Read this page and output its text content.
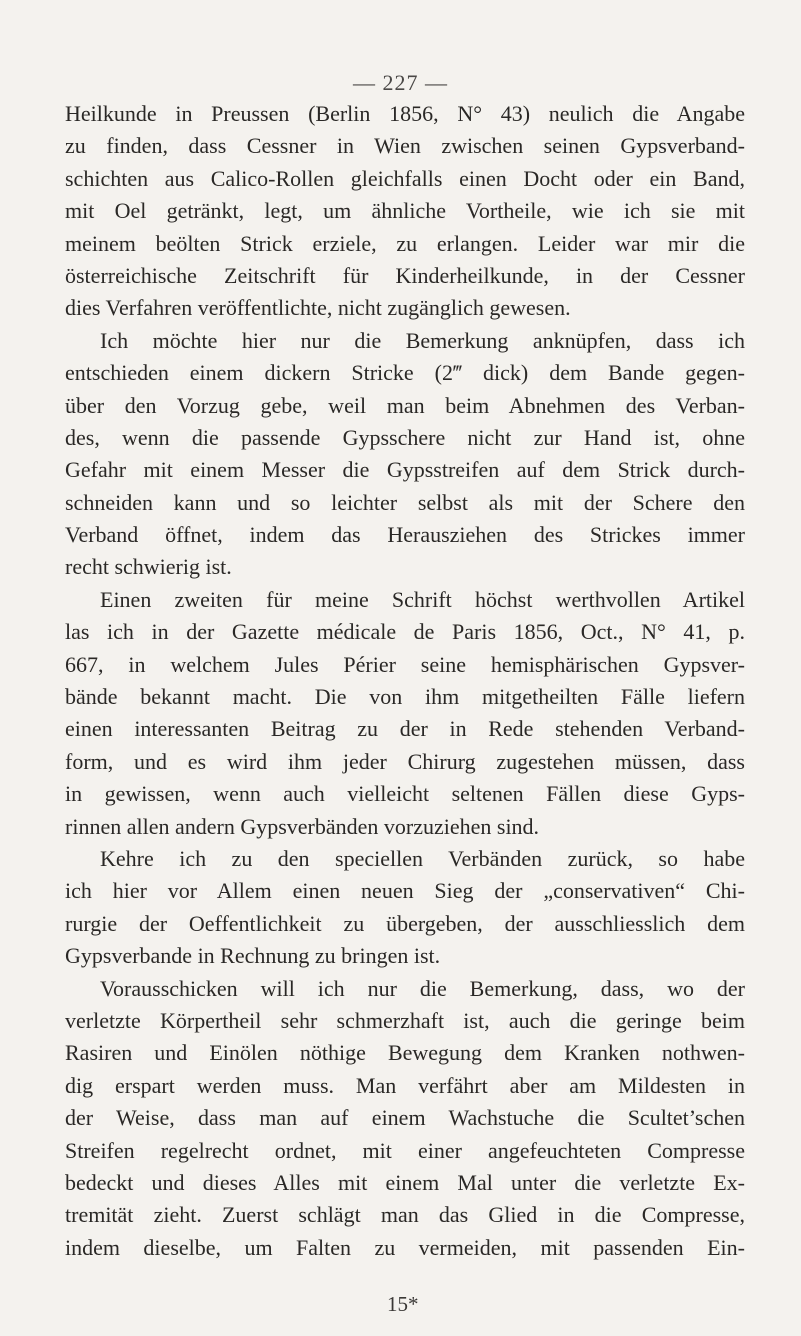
— 227 —
Heilkunde in Preussen (Berlin 1856, N° 43) neulich die Angabe
zu finden, dass Cessner in Wien zwischen seinen Gypsverband-
schichten aus Calico-Rollen gleichfalls einen Docht oder ein Band,
mit Oel getränkt, legt, um ähnliche Vortheile, wie ich sie mit
meinem beölten Strick erziele, zu erlangen. Leider war mir die
österreichische Zeitschrift für Kinderheilkunde, in der Cessner
dies Verfahren veröffentlichte, nicht zugänglich gewesen.
Ich möchte hier nur die Bemerkung anknüpfen, dass ich
entschieden einem dickern Stricke (2‴ dick) dem Bande gegen-
über den Vorzug gebe, weil man beim Abnehmen des Verban-
des, wenn die passende Gypsschere nicht zur Hand ist, ohne
Gefahr mit einem Messer die Gypsstreifen auf dem Strick durch-
schneiden kann und so leichter selbst als mit der Schere den
Verband öffnet, indem das Herausziehen des Strickes immer
recht schwierig ist.
Einen zweiten für meine Schrift höchst werthvollen Artikel
las ich in der Gazette médicale de Paris 1856, Oct., N° 41, p.
667, in welchem Jules Périer seine hemisphärischen Gypsver-
bände bekannt macht. Die von ihm mitgetheilten Fälle liefern
einen interessanten Beitrag zu der in Rede stehenden Verband-
form, und es wird ihm jeder Chirurg zugestehen müssen, dass
in gewissen, wenn auch vielleicht seltenen Fällen diese Gyps-
rinnen allen andern Gypsverbänden vorzuziehen sind.
Kehre ich zu den speciellen Verbänden zurück, so habe
ich hier vor Allem einen neuen Sieg der „conservativen“ Chi-
rurgie der Oeffentlichkeit zu übergeben, der ausschliesslich dem
Gypsverbande in Rechnung zu bringen ist.
Vorausschicken will ich nur die Bemerkung, dass, wo der
verletzte Körpertheil sehr schmerzhaft ist, auch die geringe beim
Rasiren und Einölen nöthige Bewegung dem Kranken nothwen-
dig erspart werden muss. Man verfährt aber am Mildesten in
der Weise, dass man auf einem Wachstuche die Scultet’schen
Streifen regelrecht ordnet, mit einer angefeuchteten Compresse
bedeckt und dieses Alles mit einem Mal unter die verletzte Ex-
tremität zieht. Zuerst schlägt man das Glied in die Compresse,
indem dieselbe, um Falten zu vermeiden, mit passenden Ein-
15*
